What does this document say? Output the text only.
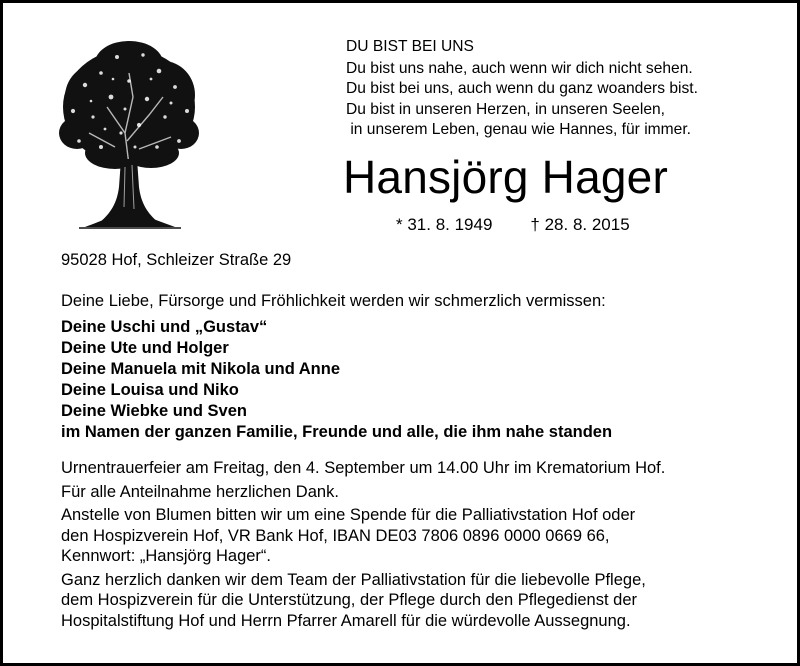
DU BIST BEI UNS
Du bist uns nahe, auch wenn wir dich nicht sehen.
Du bist bei uns, auch wenn du ganz woanders bist.
Du bist in unseren Herzen, in unseren Seelen,
in unserem Leben, genau wie Hannes, für immer.
Hansjörg Hager
* 31. 8. 1949 † 28. 8. 2015
95028 Hof, Schleizer Straße 29
Deine Liebe, Fürsorge und Fröhlichkeit werden wir schmerzlich vermissen:
Deine Uschi und „Gustav“
Deine Ute und Holger
Deine Manuela mit Nikola und Anne
Deine Louisa und Niko
Deine Wiebke und Sven
im Namen der ganzen Familie, Freunde und alle, die ihm nahe standen
Urnentrauerfeier am Freitag, den 4. September um 14.00 Uhr im Krematorium Hof.
Für alle Anteilnahme herzlichen Dank.
Anstelle von Blumen bitten wir um eine Spende für die Palliativstation Hof oder
den Hospizverein Hof, VR Bank Hof, IBAN DE03 7806 0896 0000 0669 66,
Kennwort: „Hansjörg Hager“.
Ganz herzlich danken wir dem Team der Palliativstation für die liebevolle Pflege,
dem Hospizverein für die Unterstützung, der Pflege durch den Pflegedienst der
Hospitalstiftung Hof und Herrn Pfarrer Amarell für die würdevolle Aussegnung.
